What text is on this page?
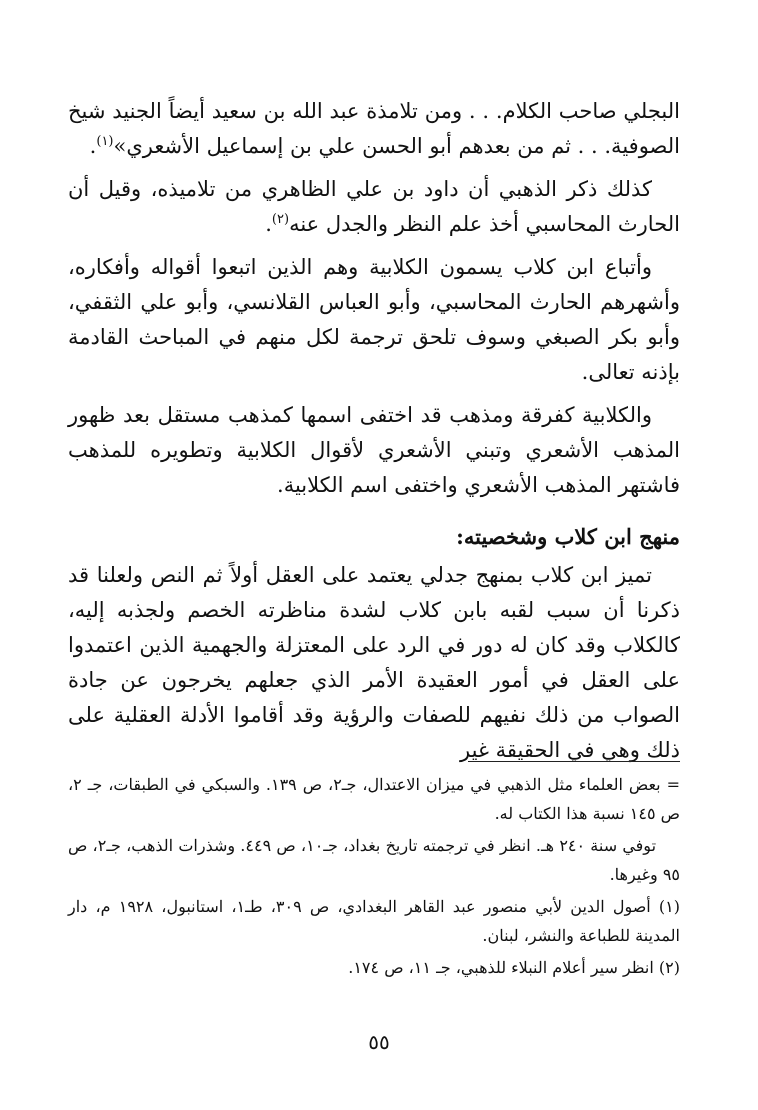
البجلي صاحب الكلام. . . ومن تلامذة عبد الله بن سعيد أيضاً الجنيد شيخ الصوفية. . . ثم من بعدهم أبو الحسن علي بن إسماعيل الأشعري»$^{(١)}$.

كذلك ذكر الذهبي أن داود بن علي الظاهري من تلاميذه، وقيل أن الحارث المحاسبي أخذ علم النظر والجدل عنه$^{(٢)}$.

وأتباع ابن كلاب يسمون الكلابية وهم الذين اتبعوا أقواله وأفكاره، وأشهرهم الحارث المحاسبي، وأبو العباس القلانسي، وأبو علي الثقفي، وأبو بكر الصبغي وسوف تلحق ترجمة لكل منهم في المباحث القادمة بإذنه تعالى.

والكلابية كفرقة ومذهب قد اختفى اسمها كمذهب مستقل بعد ظهور المذهب الأشعري وتبني الأشعري لأقوال الكلابية وتطويره للمذهب فاشتهر المذهب الأشعري واختفى اسم الكلابية.

منهج ابن كلاب وشخصيته:

تميز ابن كلاب بمنهج جدلي يعتمد على العقل أولاً ثم النص ولعلنا قد ذكرنا أن سبب لقبه بابن كلاب لشدة مناظرته الخصم ولجذبه إليه، كالكلاب وقد كان له دور في الرد على المعتزلة والجهمية الذين اعتمدوا على العقل في أمور العقيدة الأمر الذي جعلهم يخرجون عن جادة الصواب من ذلك نفيهم للصفات والرؤية وقد أقاموا الأدلة العقلية على ذلك وهي في الحقيقة غير

= بعض العلماء مثل الذهبي في ميزان الاعتدال، جـ٢، ص ١٣٩. والسبكي في الطبقات، جـ ٢، ص ١٤٥ نسبة هذا الكتاب له.

توفي سنة ٢٤٠ هـ. انظر في ترجمته تاريخ بغداد، جـ١٠، ص ٤٤٩. وشذرات الذهب، جـ٢، ص ٩٥ وغيرها.

(١) أصول الدين لأبي منصور عبد القاهر البغدادي، ص ٣٠٩، طـ١، استانبول، ١٩٢٨ م، دار المدينة للطباعة والنشر، لبنان.

(٢) انظر سير أعلام النبلاء للذهبي، جـ ١١، ص ١٧٤.

٥٥
